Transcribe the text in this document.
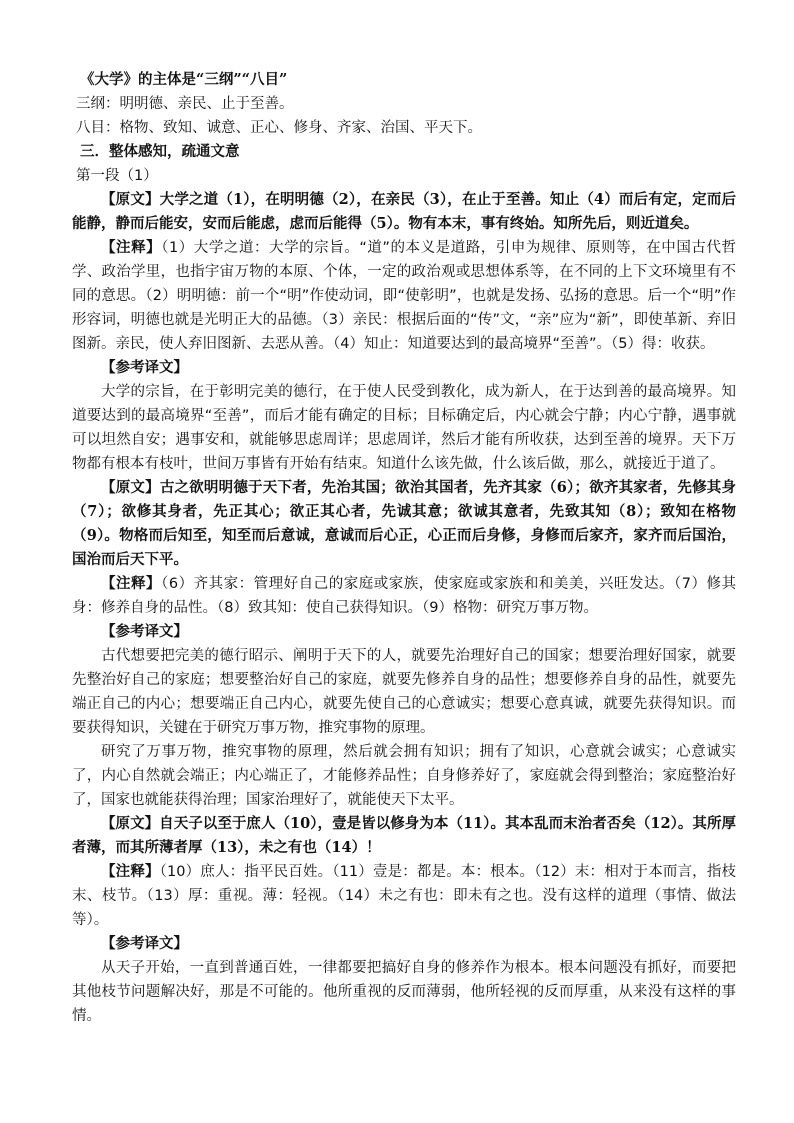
《大学》的主体是“三纲”“八目”

三纲：明明德、亲民、止于至善。

八目：格物、致知、诚意、正心、修身、齐家、治国、平天下。

三．整体感知，疏通文意

第一段（1）

【原文】大学之道（1），在明明德（2），在亲民（3），在止于至善。知止（4）而后有定，定而后能静，静而后能安，安而后能虑，虑而后能得（5）。物有本末，事有终始。知所先后，则近道矣。

【注释】（1）大学之道：大学的宗旨。“道”的本义是道路，引申为规律、原则等，在中国古代哲学、政治学里，也指宇宙万物的本原、个体，一定的政治观或思想体系等，在不同的上下文环境里有不同的意思。（2）明明德：前一个“明”作使动词，即“使彰明”，也就是发扬、弘扬的意思。后一个“明”作形容词，明德也就是光明正大的品德。（3）亲民：根据后面的“传”文，“亲”应为“新”，即使革新、弃旧图新。亲民，使人弃旧图新、去恶从善。（4）知止：知道要达到的最高境界“至善”。（5）得：收获。

【参考译文】

大学的宗旨，在于彰明完美的德行，在于使人民受到教化，成为新人，在于达到善的最高境界。知道要达到的最高境界“至善”，而后才能有确定的目标；目标确定后，内心就会宁静；内心宁静，遇事就可以坦然自安；遇事安和，就能够思虑周详；思虑周详，然后才能有所收获，达到至善的境界。天下万物都有根本有枝叶，世间万事皆有开始有结束。知道什么该先做，什么该后做，那么，就接近于道了。

【原文】古之欲明明德于天下者，先治其国；欲治其国者，先齐其家（6）；欲齐其家者，先修其身（7）；欲修其身者，先正其心；欲正其心者，先诚其意；欲诚其意者，先致其知（8）；致知在格物（9）。物格而后知至，知至而后意诚，意诚而后心正，心正而后身修，身修而后家齐，家齐而后国治，国治而后天下平。

【注释】（6）齐其家：管理好自己的家庭或家族，使家庭或家族和和美美，兴旺发达。（7）修其身：修养自身的品性。（8）致其知：使自己获得知识。（9）格物：研究万事万物。

【参考译文】

古代想要把完美的德行昭示、阐明于天下的人，就要先治理好自己的国家；想要治理好国家，就要先整治好自己的家庭；想要整治好自己的家庭，就要先修养自身的品性；想要修养自身的品性，就要先端正自己的内心；想要端正自己内心，就要先使自己的心意诚实；想要心意真诚，就要先获得知识。而要获得知识，关键在于研究万事万物，推究事物的原理。

研究了万事万物，推究事物的原理，然后就会拥有知识；拥有了知识，心意就会诚实；心意诚实了，内心自然就会端正；内心端正了，才能修养品性；自身修养好了，家庭就会得到整治；家庭整治好了，国家也就能获得治理；国家治理好了，就能使天下太平。

【原文】自天子以至于庶人（10），壹是皆以修身为本（11）。其本乱而末治者否矣（12）。其所厚者薄，而其所薄者厚（13），未之有也（14）！

【注释】（10）庶人：指平民百姓。（11）壹是：都是。本：根本。（12）末：相对于本而言，指枝末、枝节。（13）厚：重视。薄：轻视。（14）未之有也：即未有之也。没有这样的道理（事情、做法等）。

【参考译文】

从天子开始，一直到普通百姓，一律都要把搞好自身的修养作为根本。根本问题没有抓好，而要把其他枝节问题解决好，那是不可能的。他所重视的反而薄弱，他所轻视的反而厚重，从来没有这样的事情。
